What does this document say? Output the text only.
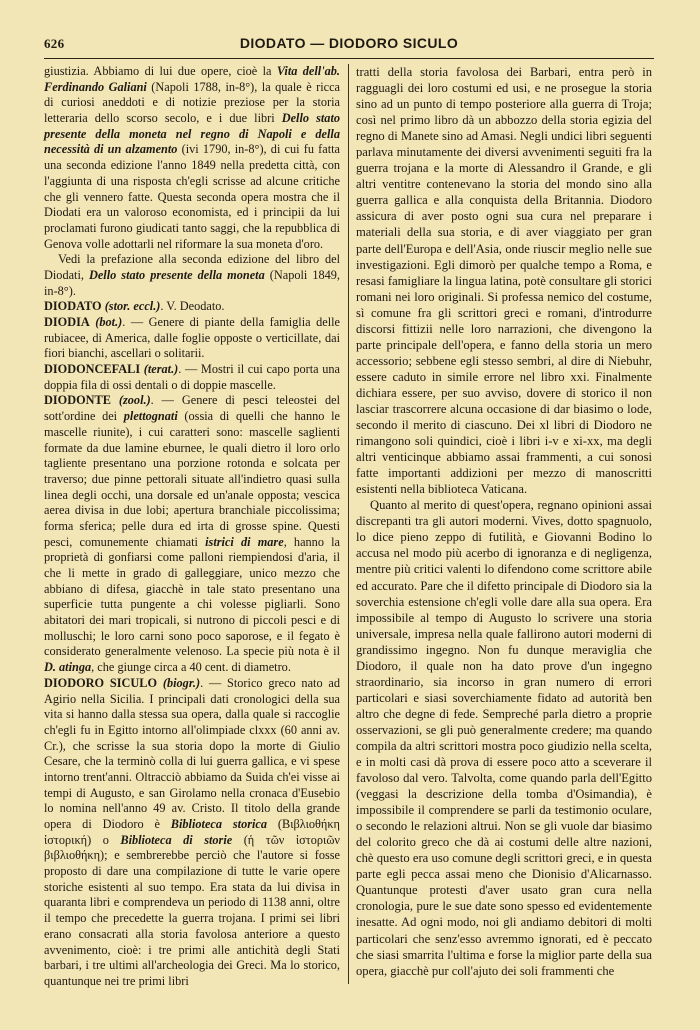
626	DIODATO — DIODORO SICULO

giustizia. Abbiamo di lui due opere, cioè la Vita dell'ab. Ferdinando Galiani (Napoli 1788, in-8°), la quale è ricca di curiosi aneddoti e di notizie preziose per la storia letteraria dello scorso secolo, e i due libri Dello stato presente della moneta nel regno di Napoli e della necessità di un alzamento (ivi 1790, in-8°), di cui fu fatta una seconda edizione l'anno 1849 nella predetta città, con l'aggiunta di una risposta ch'egli scrisse ad alcune critiche che gli vennero fatte. Questa seconda opera mostra che il Diodati era un valoroso economista, ed i principii da lui proclamati furono giudicati tanto saggi, che la repubblica di Genova volle adottarli nel riformare la sua moneta d'oro.

Vedi la prefazione alla seconda edizione del libro del Diodati, Dello stato presente della moneta (Napoli 1849, in-8°).

DIODATO (stor. eccl.). V. Deodato.

DIODIA (bot.). — Genere di piante della famiglia delle rubiacee, di America, dalle foglie opposte o verticillate, dai fiori bianchi, ascellari o solitarii.

DIODONCEFALI (terat.). — Mostri il cui capo porta una doppia fila di ossi dentali o di doppie mascelle.

DIODONTE (zool.). — Genere di pesci teleostei del sott'ordine dei plettognati (ossia di quelli che hanno le mascelle riunite), i cui caratteri sono: mascelle saglienti formate da due lamine eburnee, le quali dietro il loro orlo tagliente presentano una porzione rotonda e solcata per traverso; due pinne pettorali situate all'indietro quasi sulla linea degli occhi, una dorsale ed un'anale opposta; vescica aerea divisa in due lobi; apertura branchiale piccolissima; forma sferica; pelle dura ed irta di grosse spine. Questi pesci, comunemente chiamati istrici di mare, hanno la proprietà di gonfiarsi come palloni riempiendosi d'aria, il che li mette in grado di galleggiare, unico mezzo che abbiano di difesa, giacchè in tale stato presentano una superficie tutta pungente a chi volesse pigliarli. Sono abitatori dei mari tropicali, si nutrono di piccoli pesci e di molluschi; le loro carni sono poco saporose, e il fegato è considerato generalmente velenoso. La specie più nota è il D. atinga, che giunge circa a 40 cent. di diametro.

DIODORO SICULO (biogr.). — Storico greco nato ad Agirio nella Sicilia. I principali dati cronologici della sua vita si hanno dalla stessa sua opera, dalla quale si raccoglie ch'egli fu in Egitto intorno all'olimpiade clxxx (60 anni av. Cr.), che scrisse la sua storia dopo la morte di Giulio Cesare, che la terminò colla di lui guerra gallica, e vi spese intorno trent'anni. Oltracciò abbiamo da Suida ch'ei visse ai tempi di Augusto, e san Girolamo nella cronaca d'Eusebio lo nomina nell'anno 49 av. Cristo. Il titolo della grande opera di Diodoro è Biblioteca storica (Βιβλιοθήκη ἱστορική) o Biblioteca di storie (ἡ τῶν ἱστοριῶν βιβλιοθήκη); e sembrerebbe perciò che l'autore si fosse proposto di dare una compilazione di tutte le varie opere storiche esistenti al suo tempo. Era stata da lui divisa in quaranta libri e comprendeva un periodo di 1138 anni, oltre il tempo che precedette la guerra trojana. I primi sei libri erano consacrati alla storia favolosa anteriore a questo avvenimento, cioè: i tre primi alle antichità degli Stati barbari, i tre ultimi all'archeologia dei Greci. Ma lo storico, quantunque nei tre primi libri

tratti della storia favolosa dei Barbari, entra però in ragguagli dei loro costumi ed usi, e ne prosegue la storia sino ad un punto di tempo posteriore alla guerra di Troja; così nel primo libro dà un abbozzo della storia egizia del regno di Manete sino ad Amasi. Negli undici libri seguenti parlava minutamente dei diversi avvenimenti seguiti fra la guerra trojana e la morte di Alessandro il Grande, e gli altri ventitre contenevano la storia del mondo sino alla guerra gallica e alla conquista della Britannia. Diodoro assicura di aver posto ogni sua cura nel preparare i materiali della sua storia, e di aver viaggiato per gran parte dell'Europa e dell'Asia, onde riuscir meglio nelle sue investigazioni. Egli dimorò per qualche tempo a Roma, e resasi famigliare la lingua latina, potè consultare gli storici romani nei loro originali. Si professa nemico del costume, sì comune fra gli scrittori greci e romani, d'introdurre discorsi fittizii nelle loro narrazioni, che divengono la parte principale dell'opera, e fanno della storia un mero accessorio; sebbene egli stesso sembri, al dire di Niebuhr, essere caduto in simile errore nel libro xxi. Finalmente dichiara essere, per suo avviso, dovere di storico il non lasciar trascorrere alcuna occasione di dar biasimo o lode, secondo il merito di ciascuno. Dei xl libri di Diodoro ne rimangono soli quindici, cioè i libri i-v e xi-xx, ma degli altri venticinque abbiamo assai frammenti, a cui sonosi fatte importanti addizioni per mezzo di manoscritti esistenti nella biblioteca Vaticana.

Quanto al merito di quest'opera, regnano opinioni assai discrepanti tra gli autori moderni. Vives, dotto spagnuolo, lo dice pieno zeppo di futilità, e Giovanni Bodino lo accusa nel modo più acerbo di ignoranza e di negligenza, mentre più critici valenti lo difendono come scrittore abile ed accurato. Pare che il difetto principale di Diodoro sia la soverchia estensione ch'egli volle dare alla sua opera. Era impossibile al tempo di Augusto lo scrivere una storia universale, impresa nella quale fallirono autori moderni di grandissimo ingegno. Non fu dunque meraviglia che Diodoro, il quale non ha dato prove d'un ingegno straordinario, sia incorso in gran numero di errori particolari e siasi soverchiamente fidato ad autorità ben altro che degne di fede. Sempreché parla dietro a proprie osservazioni, se gli può generalmente credere; ma quando compila da altri scrittori mostra poco giudizio nella scelta, e in molti casi dà prova di essere poco atto a sceverare il favoloso dal vero. Talvolta, come quando parla dell'Egitto (veggasi la descrizione della tomba d'Osimandia), è impossibile il comprendere se parli da testimonio oculare, o secondo le relazioni altrui. Non se gli vuole dar biasimo del colorito greco che dà ai costumi delle altre nazioni, chè questo era uso comune degli scrittori greci, e in questa parte egli pecca assai meno che Dionisio d'Alicarnasso. Quantunque protesti d'aver usato gran cura nella cronologia, pure le sue date sono spesso ed evidentemente inesatte. Ad ogni modo, noi gli andiamo debitori di molti particolari che senz'esso avremmo ignorati, ed è peccato che siasi smarrita l'ultima e forse la miglior parte della sua opera, giacchè pur coll'ajuto dei soli frammenti che
